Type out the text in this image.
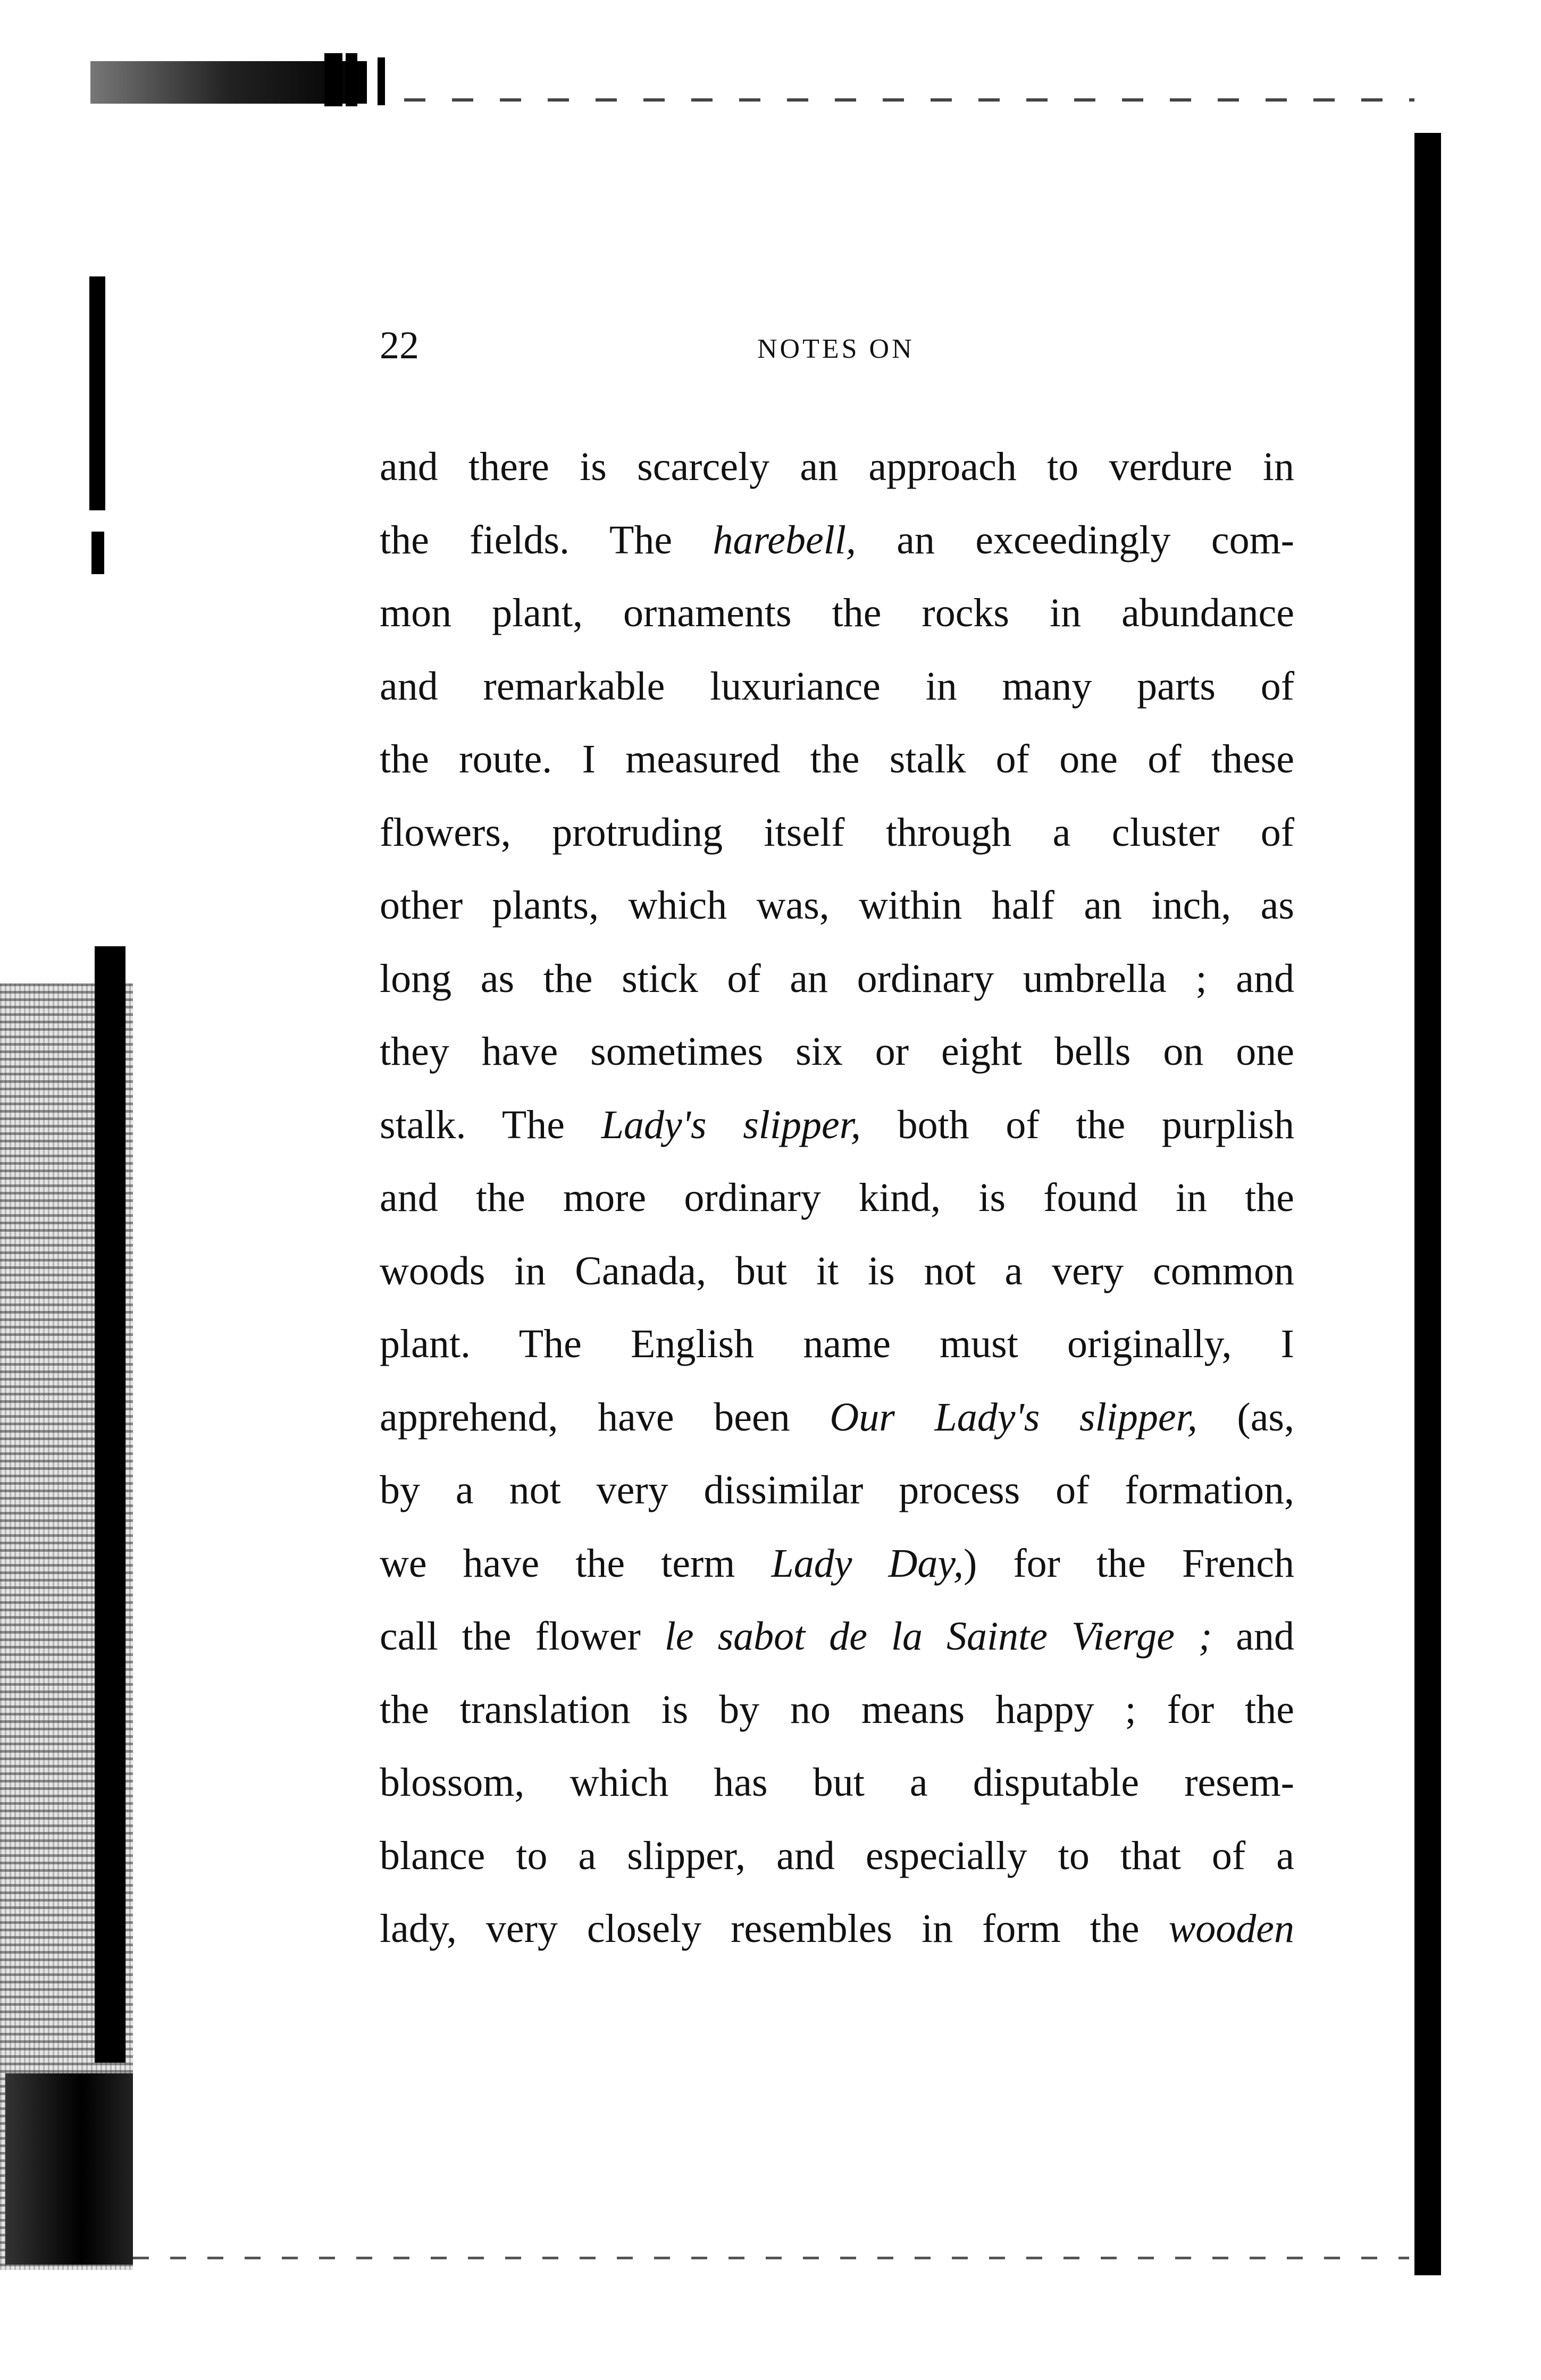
22	NOTES ON
and there is scarcely an approach to verdure in
the fields. The harebell, an exceedingly com-
mon plant, ornaments the rocks in abundance
and remarkable luxuriance in many parts of
the route. I measured the stalk of one of these
flowers, protruding itself through a cluster of
other plants, which was, within half an inch, as
long as the stick of an ordinary umbrella ; and
they have sometimes six or eight bells on one
stalk. The Lady's slipper, both of the purplish
and the more ordinary kind, is found in the
woods in Canada, but it is not a very common
plant. The English name must originally, I
apprehend, have been Our Lady's slipper, (as,
by a not very dissimilar process of formation,
we have the term Lady Day,) for the French
call the flower le sabot de la Sainte Vierge ; and
the translation is by no means happy ; for the
blossom, which has but a disputable resem-
blance to a slipper, and especially to that of a
lady, very closely resembles in form the wooden
